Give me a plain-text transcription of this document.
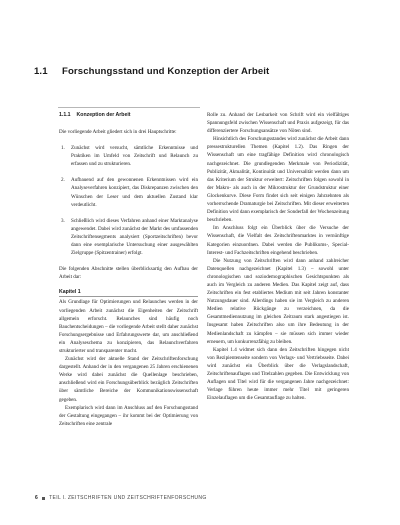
1.1	Forschungsstand und Konzeption der Arbeit
1.1.1 Konzeption der Arbeit

Die vorliegende Arbeit gliedert sich in drei Hauptschritte:

1. Zunächst wird versucht, sämtliche Erkenntnisse und Praktiken im Umfeld von Zeitschrift und Relaunch zu erfassen und zu strukturieren.
2. Aufbauend auf den gewonnenen Erkenntnissen wird ein Analyseverfahren konzipiert, das Diskrepanzen zwischen den Wünschen der Leser und dem aktuellen Zustand klar verdeutlicht.
3. Schließlich wird dieses Verfahren anhand einer Marktanalyse angewendet. Dabei wird zunächst der Markt des umfassenden Zeitschriftensegments analysiert (Sportzeitschriften) bevor dann eine exemplarische Untersuchung einer ausgewählten Zielgruppe (Spitzentrainer) erfolgt.

Die folgenden Abschnitte stellen überblicksartig den Aufbau der Arbeit dar:

Kapitel 1

Als Grundlage für Optimierungen und Relaunches werden in der vorliegenden Arbeit zunächst die Eigenheiten der Zeitschrift allgemein erforscht. Relaunches sind häufig noch Bauchentscheidungen – die vorliegende Arbeit stellt daher zunächst Forschungsergebnisse und Erfahrungswerte dar, um anschließend ein Analyseschema zu konzipieren, das Relaunchverfahren strukturierter und transparenter macht.

Zunächst wird der aktuelle Stand der Zeitschriftenforschung dargestellt. Anhand der in den vergangenen 25 Jahren erschienenen Werke wird dabei zunächst die Quellenlage beschrieben, anschließend wird ein Forschungsüberblick bezüglich Zeitschriften über sämtliche Bereiche der Kommunikationswissenschaft gegeben.

Exemplarisch wird dann im Anschluss auf den Forschungsstand der Gestaltung eingegangen – ihr kommt bei der Optimierung von Zeitschriften eine zentrale

Rolle zu. Anhand der Lesbarkeit von Schrift wird ein vielfältiges Spannungsfeld zwischen Wissenschaft und Praxis aufgezeigt, für das differenziertere Forschungsansätze von Nöten sind.

Hinsichtlich des Forschungsstandes wird zunächst die Arbeit dann pressestrukturellen Themen (Kapitel 1.2). Das Ringen der Wissenschaft um eine tragfähige Definition wird chronologisch nachgezeichnet. Die grundlegenden Merkmale von Periodizität, Publizität, Aktualität, Kontinuität und Universalität werden dann um das Kriterium der Struktur erweitert: Zeitschriften folgen sowohl in der Makro- als auch in der Mikrostruktur der Grundstruktur einer Glockenkurve. Diese Form findet sich seit einigen Jahrzehnten als vorherrschende Dramaturgie bei Zeitschriften. Mit dieser erweiterten Definition wird dann exemplarisch der Sonderfall der Wochenzeitung beschrieben.

Im Anschluss folgt ein Überblick über die Versuche der Wissenschaft, die Vielfalt des Zeitschriftenmarktes in vernünftige Kategorien einzuordnen. Dabei werden die Publikums-, Special-Interest- und Fachzeitschriften eingehend beschrieben.

Die Nutzung von Zeitschriften wird dann anhand zahlreicher Datenquellen nachgezeichnet (Kapitel 1.3) – sowohl unter chronologischen und soziodemographischen Gesichtspunkten als auch im Vergleich zu anderen Medien. Das Kapitel zeigt auf, dass Zeitschriften ein fest etabliertes Medium mit seit Jahren konstanter Nutzungsdauer sind. Allerdings haben sie im Vergleich zu anderen Medien relative Rückgänge zu verzeichnen, da die Gesamtmediennutzung im gleichen Zeitraum stark angestiegen ist. Insgesamt haben Zeitschriften also um ihre Bedeutung in der Medienlandschaft zu kämpfen – sie müssen sich immer wieder erneuern, um konkurrenzfähig zu bleiben.

Kapitel 1.4 widmet sich dann den Zeitschriften hingegen nicht von Rezipientenseite sondern von Verlags- und Vertriebsseite. Dabei wird zunächst ein Überblick über die Verlagslandschaft, Zeitschriftenauflagen und Titelzahlen gegeben. Die Entwicklung von Auflagen und Titel wird für die vergangenen Jahre nachgezeichnet: Verlage führen heute immer mehr Titel mit geringeren Einzelauflagen um die Gesamtauflage zu halten.

6 TEIL I. ZEITSCHRIFTEN UND ZEITSCHRIFTENFORSCHUNG
